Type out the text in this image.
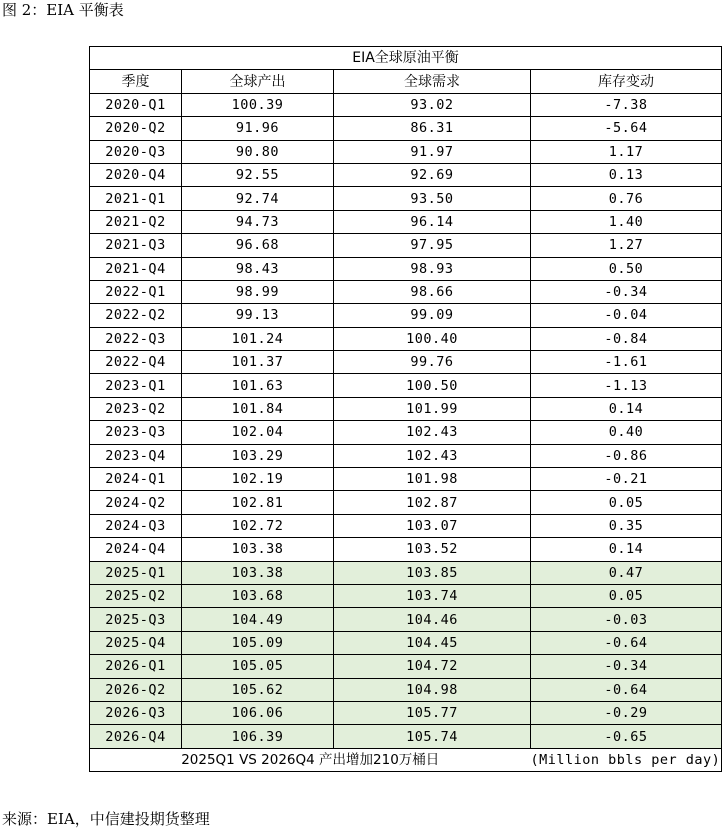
图 2：EIA 平衡表
EIA全球原油平衡			
季度	全球产出	全球需求	库存变动
2020-Q1	100.39	93.02	-7.38
2020-Q2	91.96	86.31	-5.64
2020-Q3	90.80	91.97	1.17
2020-Q4	92.55	92.69	0.13
2021-Q1	92.74	93.50	0.76
2021-Q2	94.73	96.14	1.40
2021-Q3	96.68	97.95	1.27
2021-Q4	98.43	98.93	0.50
2022-Q1	98.99	98.66	-0.34
2022-Q2	99.13	99.09	-0.04
2022-Q3	101.24	100.40	-0.84
2022-Q4	101.37	99.76	-1.61
2023-Q1	101.63	100.50	-1.13
2023-Q2	101.84	101.99	0.14
2023-Q3	102.04	102.43	0.40
2023-Q4	103.29	102.43	-0.86
2024-Q1	102.19	101.98	-0.21
2024-Q2	102.81	102.87	0.05
2024-Q3	102.72	103.07	0.35
2024-Q4	103.38	103.52	0.14
2025-Q1	103.38	103.85	0.47
2025-Q2	103.68	103.74	0.05
2025-Q3	104.49	104.46	-0.03
2025-Q4	105.09	104.45	-0.64
2026-Q1	105.05	104.72	-0.34
2026-Q2	105.62	104.98	-0.64
2026-Q3	106.06	105.77	-0.29
2026-Q4	106.39	105.74	-0.65
2025Q1 VS 2026Q4 产出增加210万桶日			(Million bbls per day)
来源：EIA，中信建投期货整理
